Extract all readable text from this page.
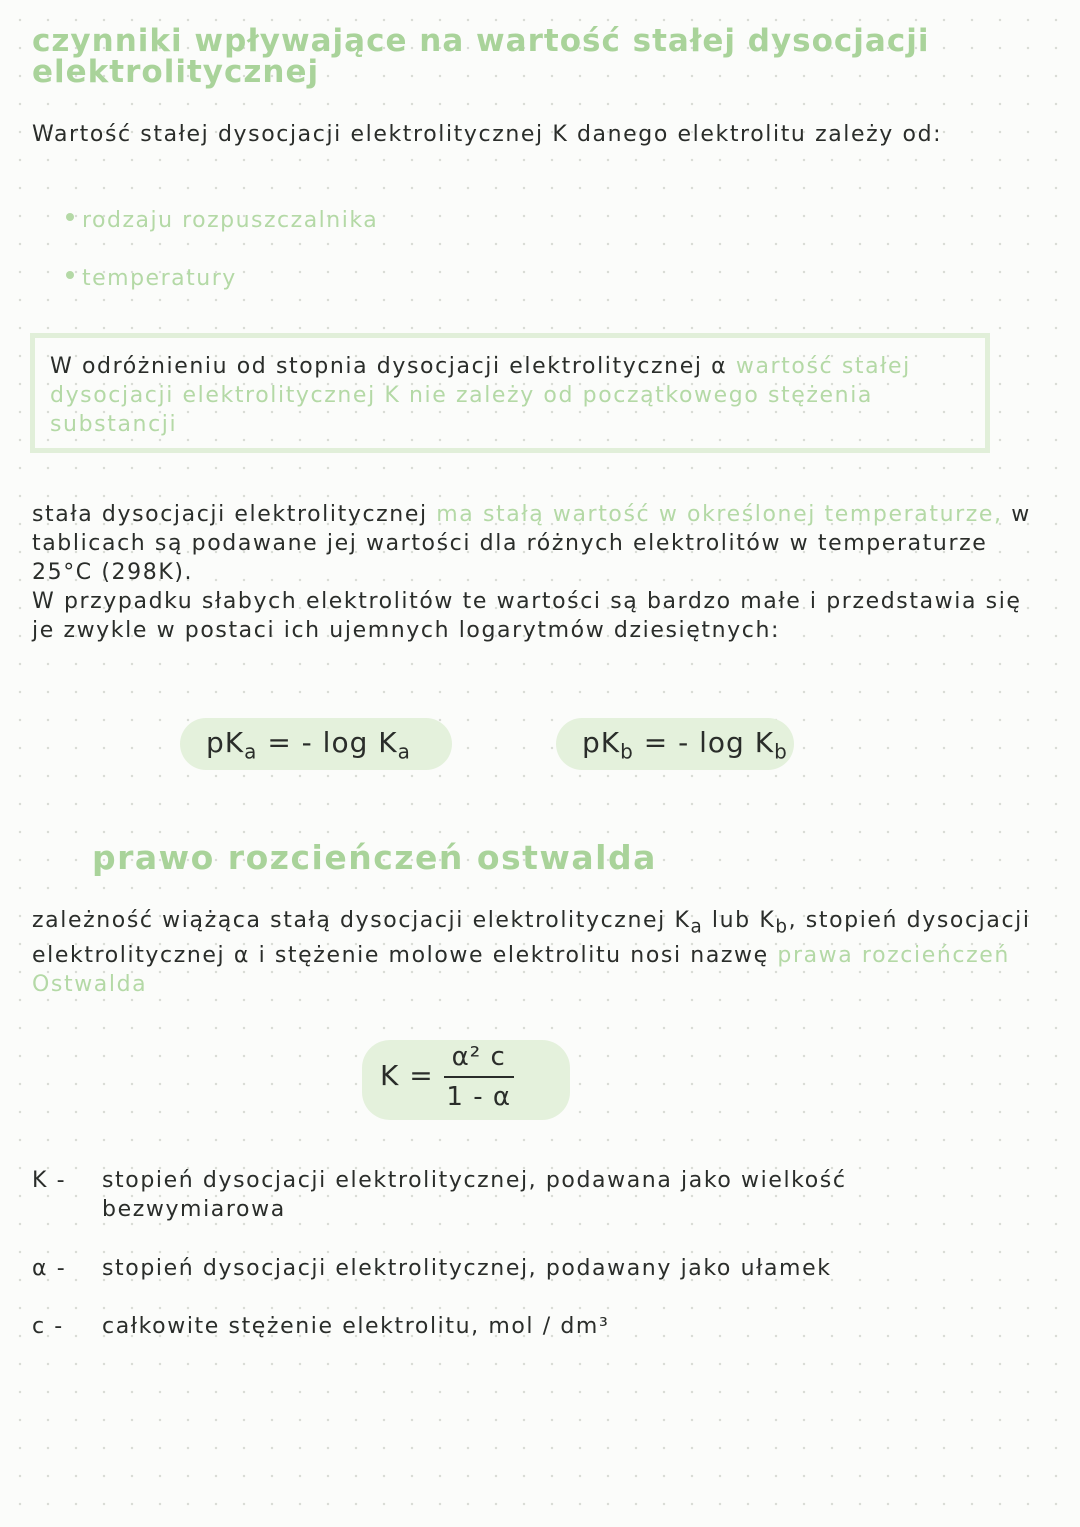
czynniki wpływające na wartość stałej dysocjacji elektrolitycznej
Wartość stałej dysocjacji elektrolitycznej K danego elektrolitu zależy od:
rodzaju rozpuszczalnika
temperatury
W odróżnieniu od stopnia dysocjacji elektrolitycznej α wartość stałej dysocjacji elektrolitycznej K nie zależy od początkowego stężenia substancji
stała dysocjacji elektrolitycznej ma stałą wartość w określonej temperaturze, w tablicach są podawane jej wartości dla różnych elektrolitów w temperaturze 25°C (298K).
W przypadku słabych elektrolitów te wartości są bardzo małe i przedstawia się je zwykle w postaci ich ujemnych logarytmów dziesiętnych:
$pK_a$ = - $\log K_a$	$pK_b$ = - $\log K_b$
prawo rozcieńczeń ostwalda
zależność wiążąca stałą dysocjacji elektrolitycznej $K_a$ lub $K_b$, stopień dysocjacji elektrolitycznej α i stężenie molowe elektrolitu nosi nazwę prawa rozcieńczeń Ostwalda
$K = \frac{\text{α² c}}{1 - \alpha}$
K - stopień dysocjacji elektrolitycznej, podawana jako wielkość bezwymiarowa
α - stopień dysocjacji elektrolitycznej, podawany jako ułamek
c - całkowite stężenie elektrolitu, mol / dm³
